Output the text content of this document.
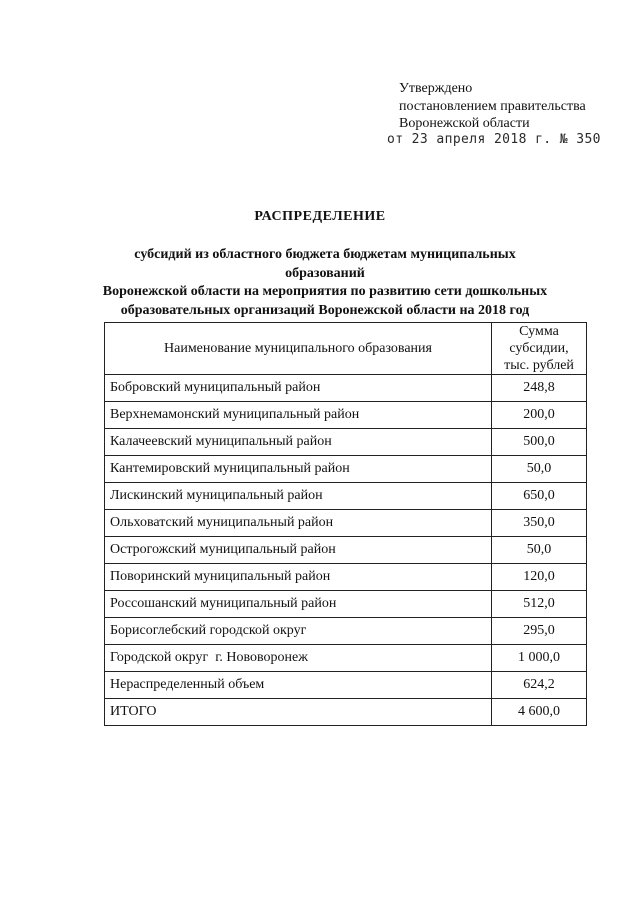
Утверждено
постановлением правительства
Воронежской области
от 23 апреля 2018 г. № 350
РАСПРЕДЕЛЕНИЕ
субсидий из областного бюджета бюджетам муниципальных образований
Воронежской области на мероприятия по развитию сети дошкольных
образовательных организаций Воронежской области на 2018 год
Наименование муниципального образования	Сумма субсидии,
тыс. рублей

Бобровский муниципальный район	248,8
Верхнемамонский муниципальный район	200,0
Калачеевский муниципальный район	500,0
Кантемировский муниципальный район	50,0
Лискинский муниципальный район	650,0
Ольховатский муниципальный район	350,0
Острогожский муниципальный район	50,0
Поворинский муниципальный район	120,0
Россошанский муниципальный район	512,0
Борисоглебский городской округ	295,0
Городской округ  г. Нововоронеж	1 000,0
Нераспределенный объем	624,2
ИТОГО	4 600,0
